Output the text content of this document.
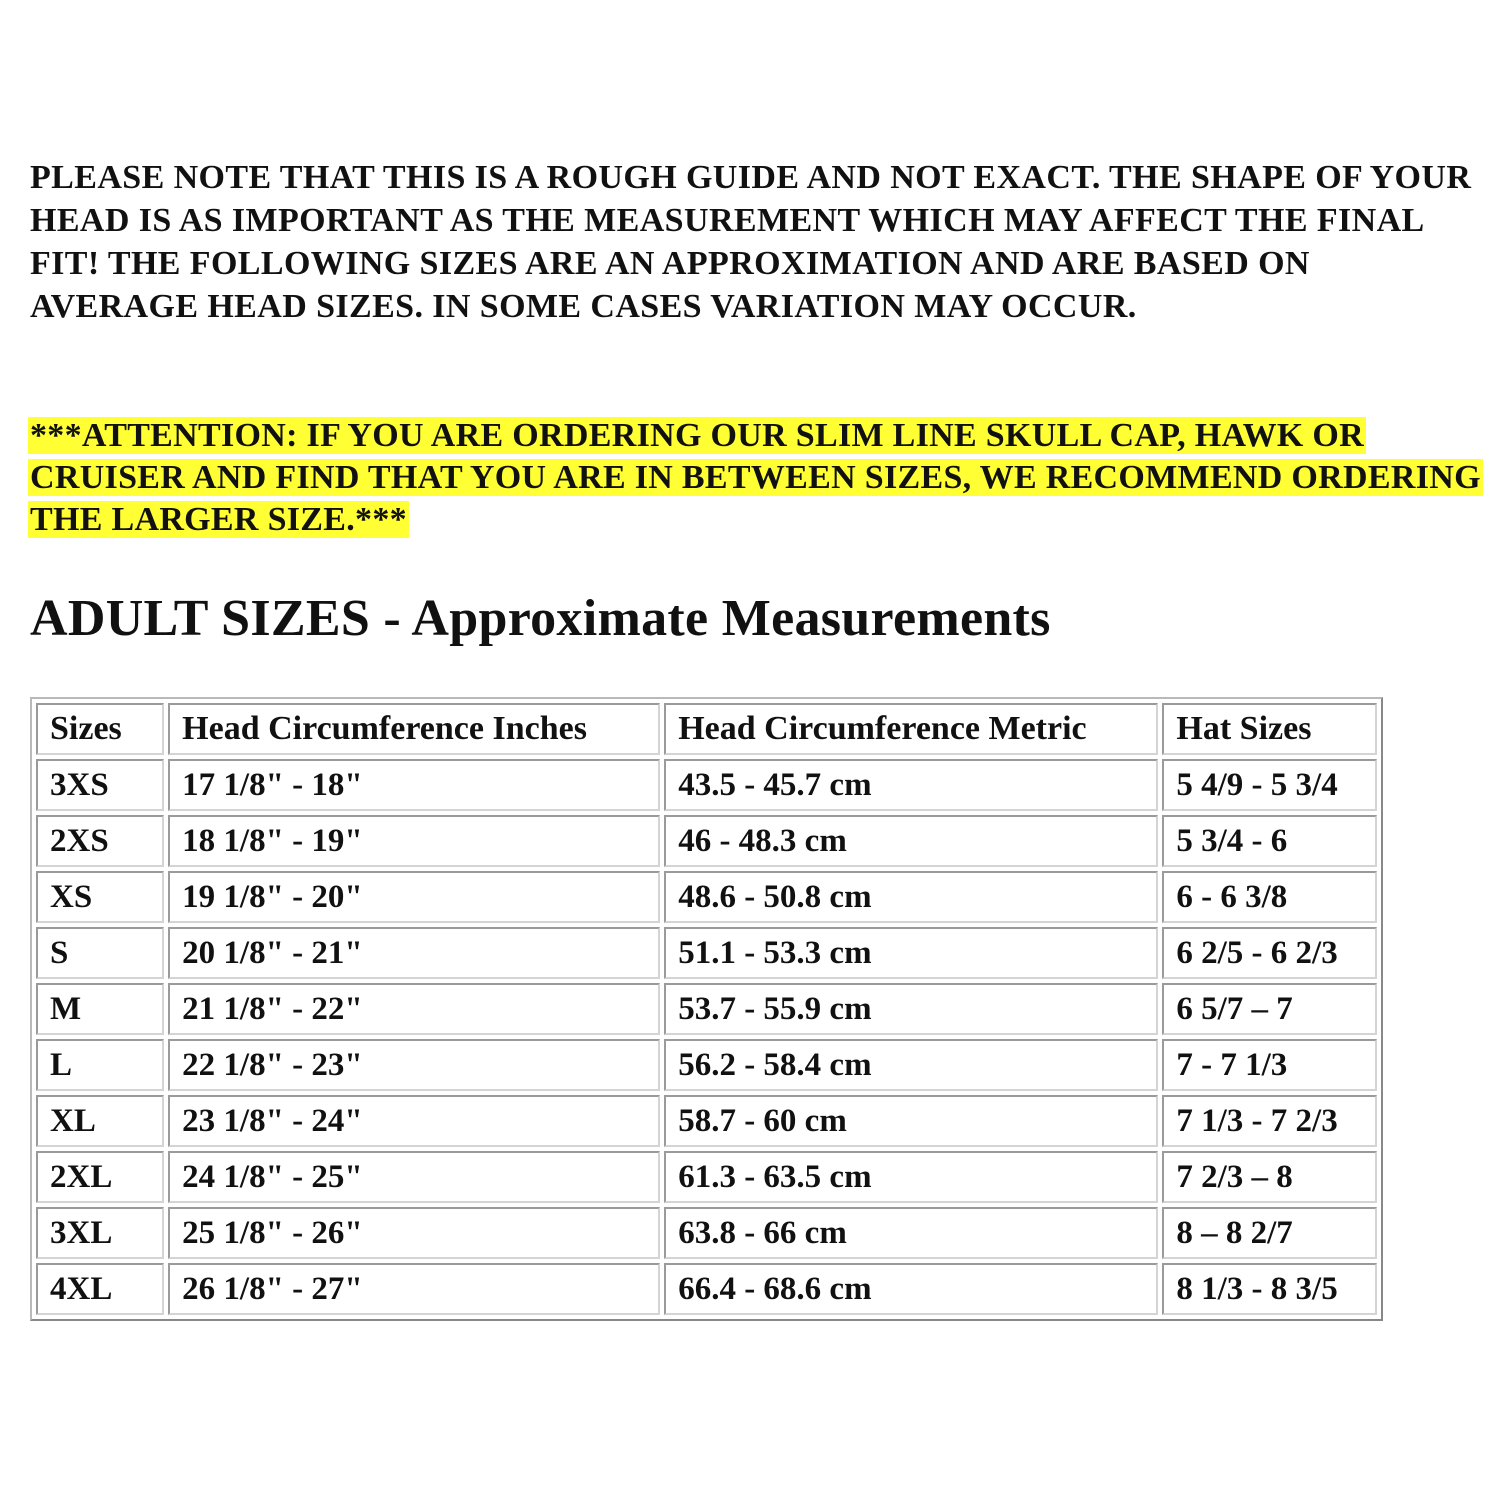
PLEASE NOTE THAT THIS IS A ROUGH GUIDE AND NOT EXACT. THE SHAPE OF YOUR HEAD IS AS IMPORTANT AS THE MEASUREMENT WHICH MAY AFFECT THE FINAL FIT! THE FOLLOWING SIZES ARE AN APPROXIMATION AND ARE BASED ON AVERAGE HEAD SIZES. IN SOME CASES VARIATION MAY OCCUR.

***ATTENTION: IF YOU ARE ORDERING OUR SLIM LINE SKULL CAP, HAWK OR CRUISER AND FIND THAT YOU ARE IN BETWEEN SIZES, WE RECOMMEND ORDERING THE LARGER SIZE.***

ADULT SIZES - Approximate Measurements
Sizes	Head Circumference Inches	Head Circumference Metric	Hat Sizes
3XS	17 1/8" - 18"	43.5 - 45.7 cm	5 4/9 - 5 3/4
2XS	18 1/8" - 19"	46 - 48.3 cm	5 3/4 - 6
XS	19 1/8" - 20"	48.6 - 50.8 cm	6 - 6 3/8
S	20 1/8" - 21"	51.1 - 53.3 cm	6 2/5 - 6 2/3
M	21 1/8" - 22"	53.7 - 55.9 cm	6 5/7 – 7
L	22 1/8" - 23"	56.2 - 58.4 cm	7 - 7 1/3
XL	23 1/8" - 24"	58.7 - 60 cm	7 1/3 - 7 2/3
2XL	24 1/8" - 25"	61.3 - 63.5 cm	7 2/3 – 8
3XL	25 1/8" - 26"	63.8 - 66 cm	8 – 8 2/7
4XL	26 1/8" - 27"	66.4 - 68.6 cm	8 1/3 - 8 3/5
